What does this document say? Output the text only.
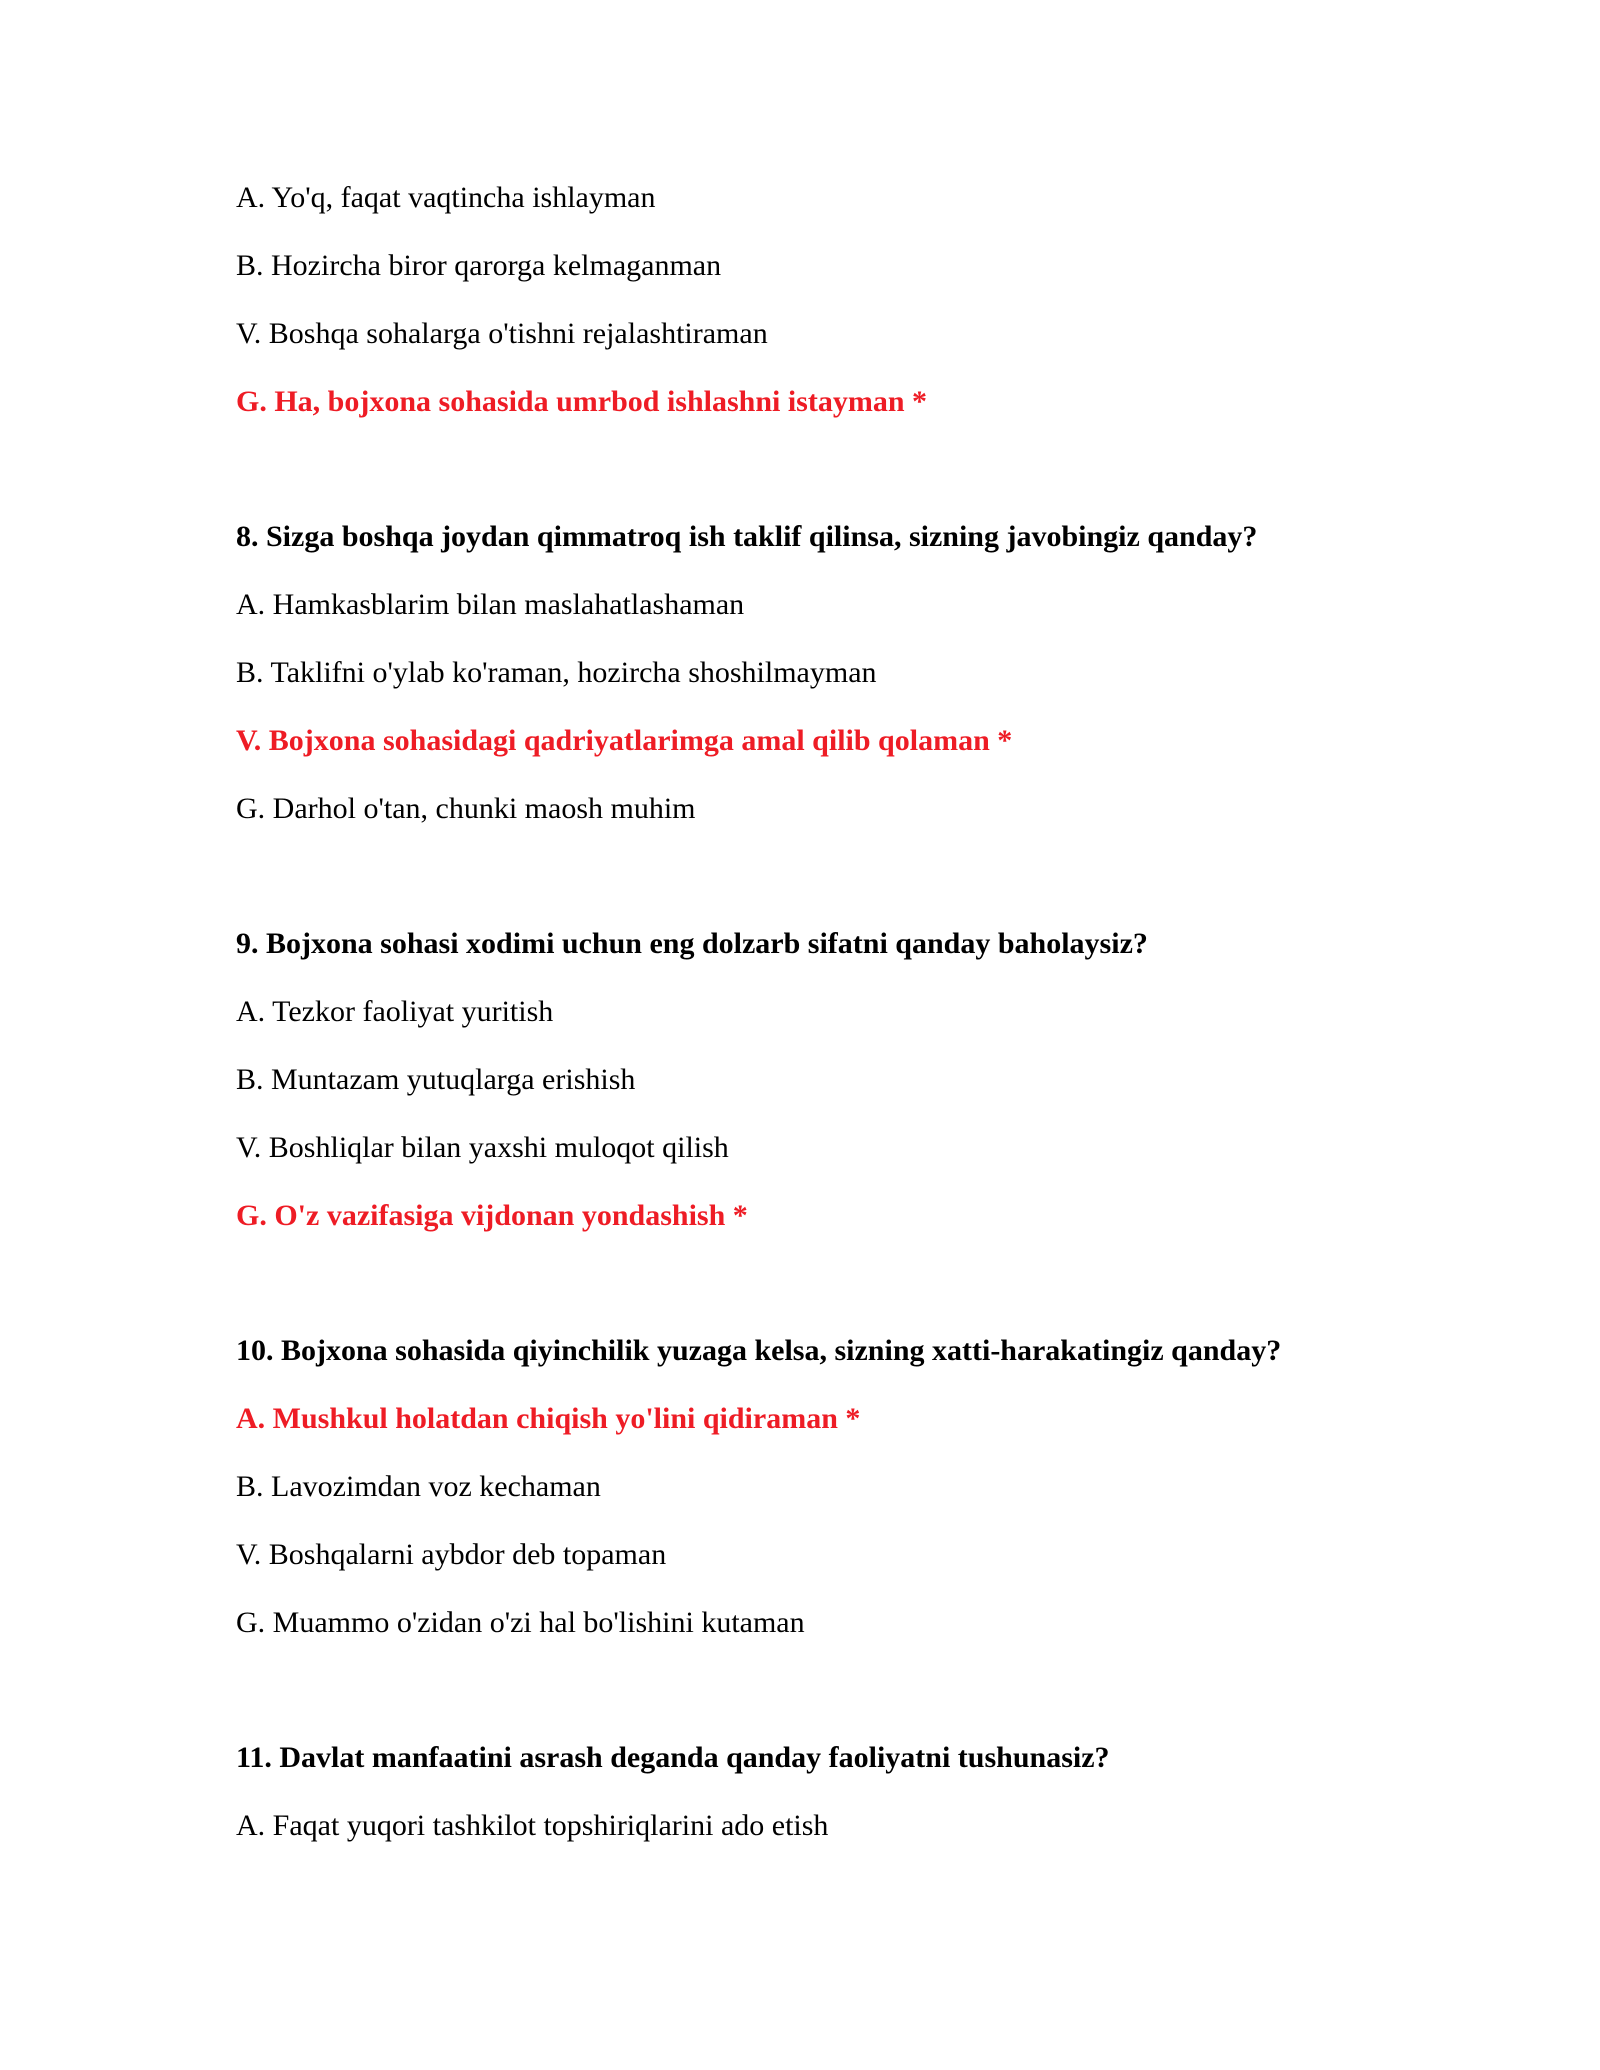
A. Yo'q, faqat vaqtincha ishlayman
B. Hozircha biror qarorga kelmaganman
V. Boshqa sohalarga o'tishni rejalashtiraman
G. Ha, bojxona sohasida umrbod ishlashni istayman *
8. Sizga boshqa joydan qimmatroq ish taklif qilinsa, sizning javobingiz qanday?
A. Hamkasblarim bilan maslahatlashaman
B. Taklifni o'ylab ko'raman, hozircha shoshilmayman
V. Bojxona sohasidagi qadriyatlarimga amal qilib qolaman *
G. Darhol o'tan, chunki maosh muhim
9. Bojxona sohasi xodimi uchun eng dolzarb sifatni qanday baholaysiz?
A. Tezkor faoliyat yuritish
B. Muntazam yutuqlarga erishish
V. Boshliqlar bilan yaxshi muloqot qilish
G. O'z vazifasiga vijdonan yondashish *
10. Bojxona sohasida qiyinchilik yuzaga kelsa, sizning xatti-harakatingiz qanday?
A. Mushkul holatdan chiqish yo'lini qidiraman *
B. Lavozimdan voz kechaman
V. Boshqalarni aybdor deb topaman
G. Muammo o'zidan o'zi hal bo'lishini kutaman
11. Davlat manfaatini asrash deganda qanday faoliyatni tushunasiz?
A. Faqat yuqori tashkilot topshiriqlarini ado etish
